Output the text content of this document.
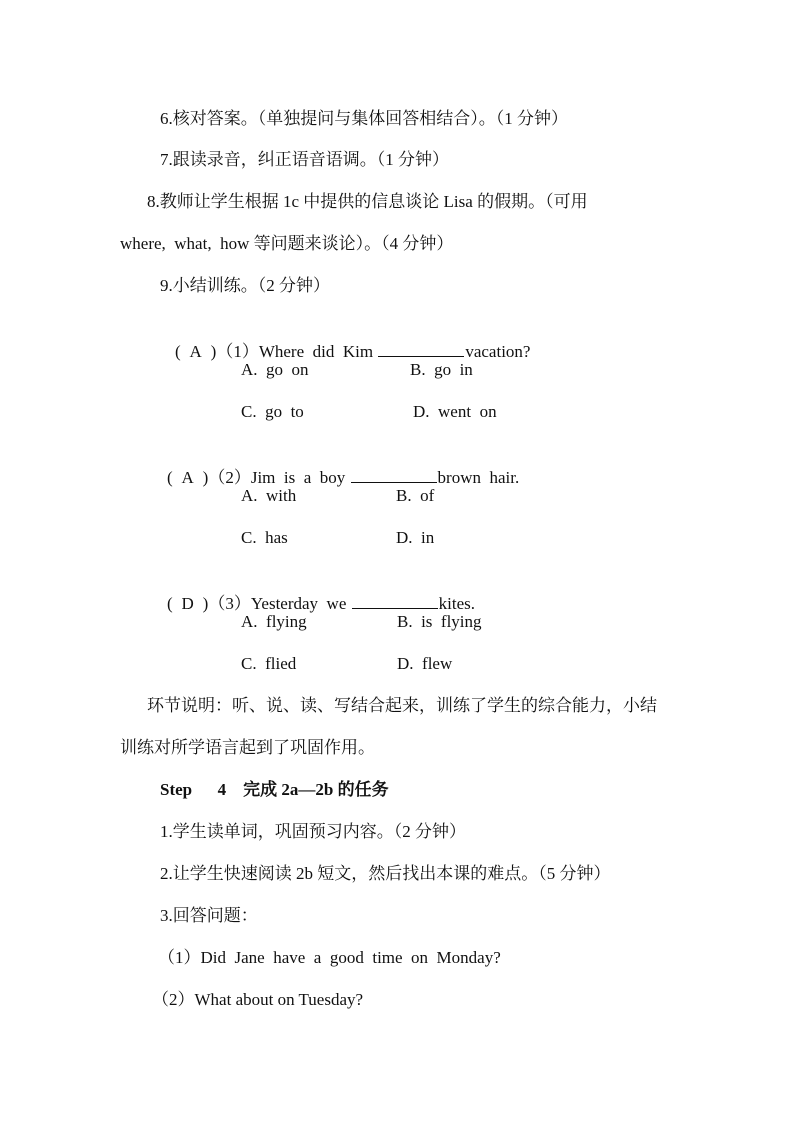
6.核对答案。（单独提问与集体回答相结合）。（1 分钟）
7.跟读录音，纠正语音语调。（1 分钟）
8.教师让学生根据 1c 中提供的信息谈论 Lisa 的假期。（可用
where,  what,  how 等问题来谈论）。（4 分钟）
9.小结训练。（2 分钟）

( A )（1）Where  did  Kim	vacation?

A.  go  on	B.  go  in
C.  go  to	D.  went  on

( A )（2）Jim  is  a  boy	brown  hair.

A.  with	B.  of
C.  has	D.  in

( D )（3）Yesterday  we	kites.

A.  flying	B.  is  flying
C.  flied	D.  flew
环节说明：听、说、读、写结合起来，训练了学生的综合能力，小结
训练对所学语言起到了巩固作用。
Step      4    完成 2a—2b 的任务
1.学生读单词，巩固预习内容。（2 分钟）
2.让学生快速阅读 2b 短文，然后找出本课的难点。（5 分钟）
3.回答问题：
（1）Did  Jane  have  a  good  time  on  Monday?
（2）What about on Tuesday?
